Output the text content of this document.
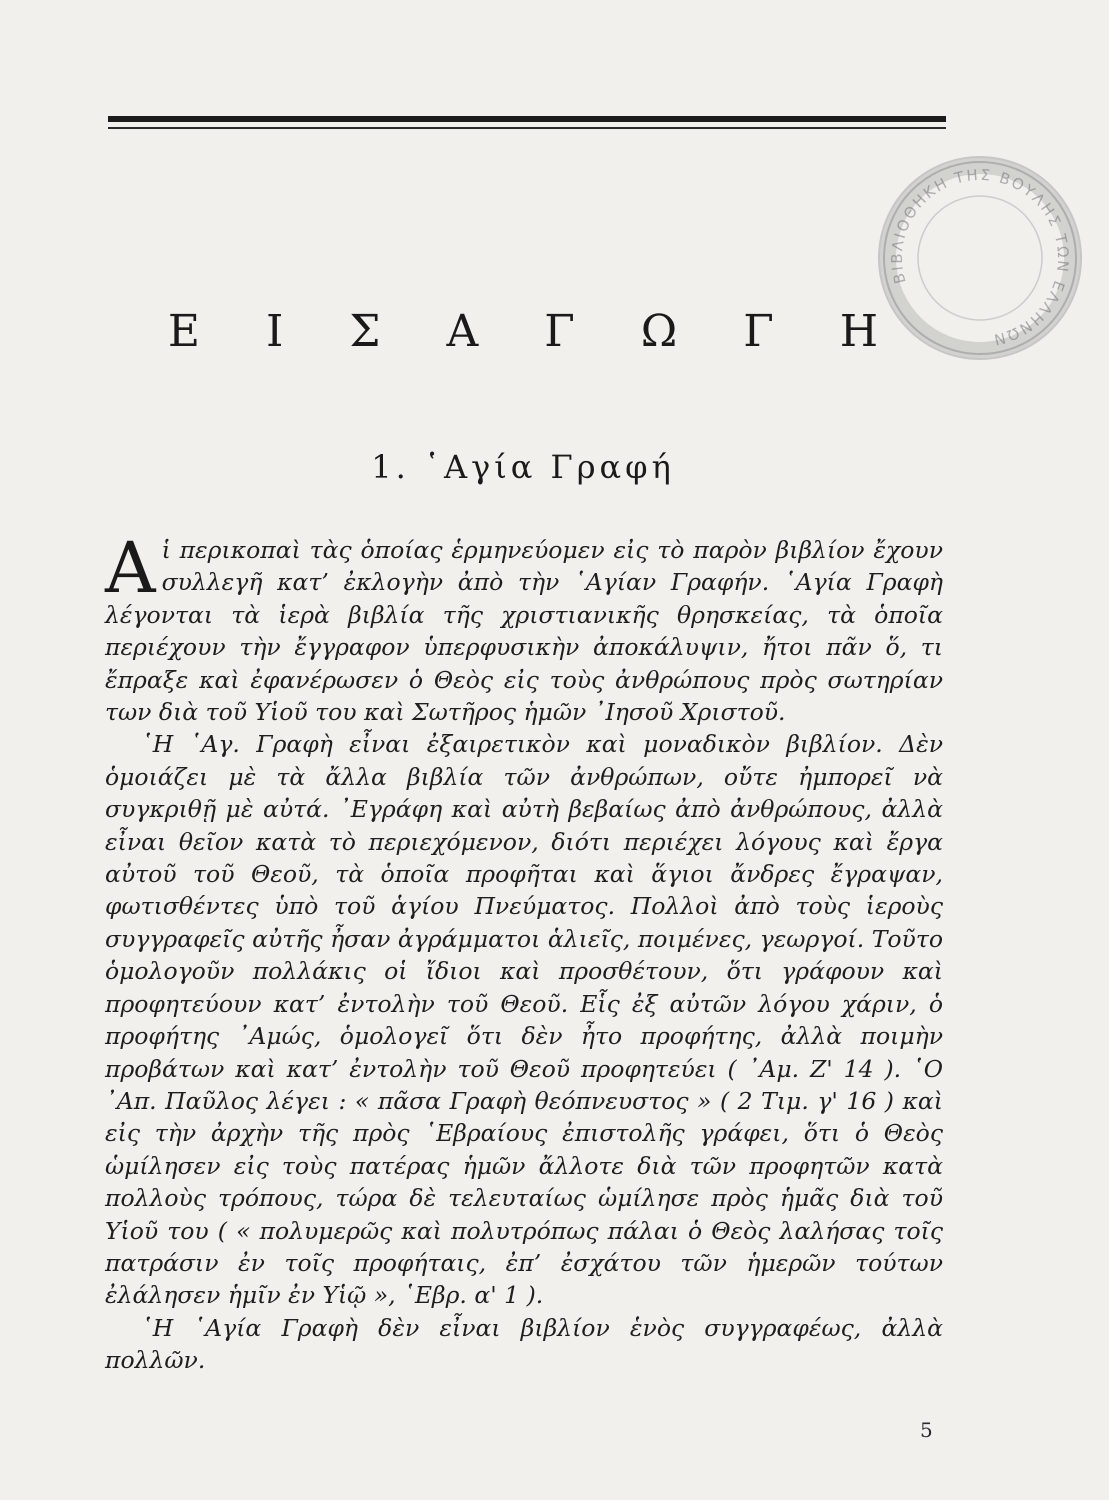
ΒΙΒΛΙΟΘΗΚΗ ΤΗΣ ΒΟΥΛΗΣ ΤΩΝ ΕΛΛΗΝΩΝ
Ε Ι Σ Α Γ Ω Γ Η
1. ῾Αγία Γραφή

Αἱ περικοπαὶ τὰς ὁποίας ἑρμηνεύομεν εἰς τὸ παρὸν βιβλίον ἔχουν συλλεγῆ κατ’ ἐκλογὴν ἀπὸ τὴν ῾Αγίαν Γραφήν. ῾Αγία Γραφὴ λέγονται τὰ ἱερὰ βιβλία τῆς χριστιανικῆς θρησκείας, τὰ ὁποῖα περιέχουν τὴν ἔγγραφον ὑπερφυσικὴν ἀποκάλυψιν, ἤτοι πᾶν ὅ, τι ἔπραξε καὶ ἐφανέρωσεν ὁ Θεὸς εἰς τοὺς ἀνθρώπους πρὸς σωτηρίαν των διὰ τοῦ Υἱοῦ του καὶ Σωτῆρος ἡμῶν ᾿Ιησοῦ Χριστοῦ.

῾Η ῾Αγ. Γραφὴ εἶναι ἐξαιρετικὸν καὶ μοναδικὸν βιβλίον. Δὲν ὁμοιάζει μὲ τὰ ἄλλα βιβλία τῶν ἀνθρώπων, οὔτε ἠμπορεῖ νὰ συγκριθῇ μὲ αὐτά. ᾿Εγράφη καὶ αὐτὴ βεβαίως ἀπὸ ἀνθρώπους, ἀλλὰ εἶναι θεῖον κατὰ τὸ περιεχόμενον, διότι περιέχει λόγους καὶ ἔργα αὐτοῦ τοῦ Θεοῦ, τὰ ὁποῖα προφῆται καὶ ἅγιοι ἄνδρες ἔγραψαν, φωτισθέντες ὑπὸ τοῦ ἁγίου Πνεύματος. Πολλοὶ ἀπὸ τοὺς ἱεροὺς συγγραφεῖς αὐτῆς ἦσαν ἀγράμματοι ἁλιεῖς, ποιμένες, γεωργοί. Τοῦτο ὁμολογοῦν πολλάκις οἱ ἴδιοι καὶ προσθέτουν, ὅτι γράφουν καὶ προφητεύουν κατ’ ἐντολὴν τοῦ Θεοῦ. Εἷς ἐξ αὐτῶν λόγου χάριν, ὁ προφήτης ᾿Αμώς, ὁμολογεῖ ὅτι δὲν ἦτο προφήτης, ἀλλὰ ποιμὴν προβάτων καὶ κατ’ ἐντολὴν τοῦ Θεοῦ προφητεύει ( ᾿Αμ. Ζ' 14 ). ῾Ο ᾿Απ. Παῦλος λέγει : « πᾶσα Γραφὴ θεόπνευστος » ( 2 Τιμ. γ' 16 ) καὶ εἰς τὴν ἀρχὴν τῆς πρὸς ῾Εβραίους ἐπιστολῆς γράφει, ὅτι ὁ Θεὸς ὡμίλησεν εἰς τοὺς πατέρας ἡμῶν ἄλλοτε διὰ τῶν προφητῶν κατὰ πολλοὺς τρόπους, τώρα δὲ τελευταίως ὡμίλησε πρὸς ἡμᾶς διὰ τοῦ Υἱοῦ του ( « πολυμερῶς καὶ πολυτρόπως πάλαι ὁ Θεὸς λαλήσας τοῖς πατράσιν ἐν τοῖς προφήταις, ἐπ’ ἐσχάτου τῶν ἡμερῶν τούτων ἐλάλησεν ἡμῖν ἐν Υἱῷ », ῾Εβρ. α' 1 ).

῾Η ῾Αγία Γραφὴ δὲν εἶναι βιβλίον ἑνὸς συγγραφέως, ἀλλὰ πολλῶν.

5
